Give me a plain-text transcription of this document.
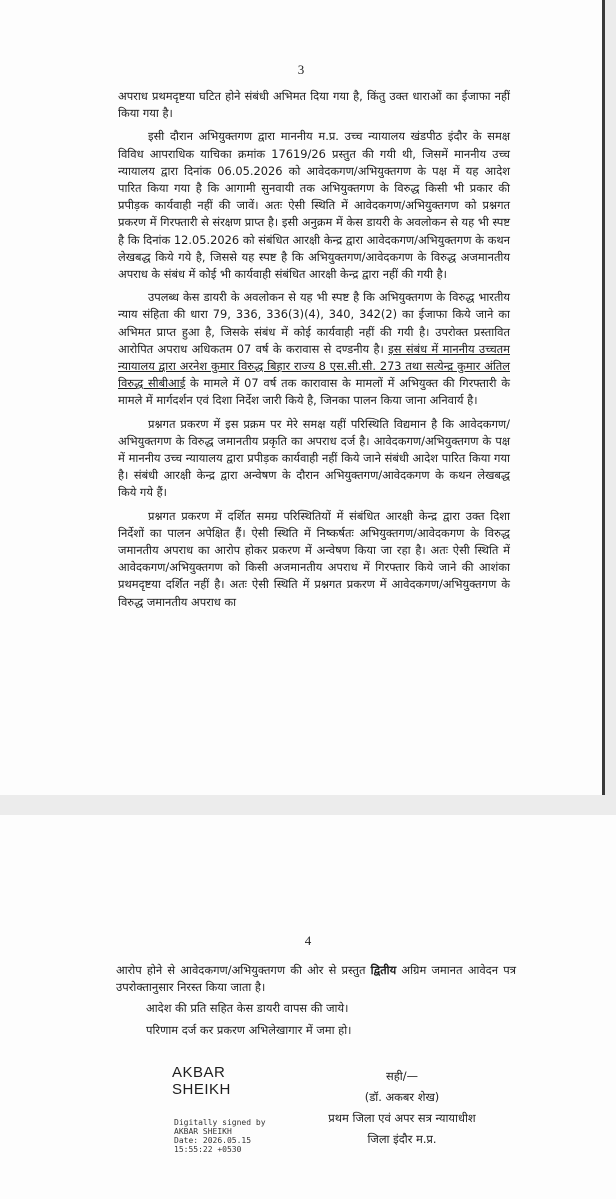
3

अपराध प्रथमदृष्टया घटित होने संबंधी अभिमत दिया गया है, किंतु उक्त धाराओं का ईजाफा नहीं किया गया है।

इसी दौरान अभियुक्तगण द्वारा माननीय म.प्र. उच्च न्यायालय खंडपीठ इंदौर के समक्ष विविध आपराधिक याचिका क्रमांक 17619/26 प्रस्तुत की गयी थी, जिसमें माननीय उच्च न्यायालय द्वारा दिनांक 06.05.2026 को आवेदकगण/अभियुक्तगण के पक्ष में यह आदेश पारित किया गया है कि आगामी सुनवायी तक अभियुक्तगण के विरुद्ध किसी भी प्रकार की प्रपीड़क कार्यवाही नहीं की जावें। अतः ऐसी स्थिति में आवेदकगण/अभियुक्तगण को प्रश्नगत प्रकरण में गिरफ्तारी से संरक्षण प्राप्त है। इसी अनुक्रम में केस डायरी के अवलोकन से यह भी स्पष्ट है कि दिनांक 12.05.2026 को संबंधित आरक्षी केन्द्र द्वारा आवेदकगण/अभियुक्तगण के कथन लेखबद्ध किये गये है, जिससे यह स्पष्ट है कि अभियुक्तगण/आवेदकगण के विरुद्ध अजमानतीय अपराध के संबंध में कोई भी कार्यवाही संबंधित आरक्षी केन्द्र द्वारा नहीं की गयी है।

उपलब्ध केस डायरी के अवलोकन से यह भी स्पष्ट है कि अभियुक्तगण के विरुद्ध भारतीय न्याय संहिता की धारा 79, 336, 336(3)(4), 340, 342(2) का ईजाफा किये जाने का अभिमत प्राप्त हुआ है, जिसके संबंध में कोई कार्यवाही नहीं की गयी है। उपरोक्त प्रस्तावित आरोपित अपराध अधिकतम 07 वर्ष के करावास से दण्डनीय है। इस संबंध में माननीय उच्चतम न्यायालय द्वारा अरनेश कुमार विरुद्ध बिहार राज्य 8 एस.सी.सी. 273 तथा सत्येन्द्र कुमार अंतिल विरुद्ध सीबीआई के मामले में 07 वर्ष तक कारावास के मामलों में अभियुक्त की गिरफ्तारी के मामले में मार्गदर्शन एवं दिशा निर्देश जारी किये है, जिनका पालन किया जाना अनिवार्य है।

प्रश्नगत प्रकरण में इस प्रक्रम पर मेरे समक्ष यहीं परिस्थिति विद्यमान है कि आवेदकगण/अभियुक्तगण के विरुद्ध जमानतीय प्रकृति का अपराध दर्ज है। आवेदकगण/अभियुक्तगण के पक्ष में माननीय उच्च न्यायालय द्वारा प्रपीड़क कार्यवाही नहीं किये जाने संबंधी आदेश पारित किया गया है। संबंधी आरक्षी केन्द्र द्वारा अन्वेषण के दौरान अभियुक्तगण/आवेदकगण के कथन लेखबद्ध किये गये हैं।

प्रश्नगत प्रकरण में दर्शित समग्र परिस्थितियों में संबंधित आरक्षी केन्द्र द्वारा उक्त दिशा निर्देशों का पालन अपेक्षित हैं। ऐसी स्थिति में निष्कर्षतः अभियुक्तगण/आवेदकगण के विरुद्ध जमानतीय अपराध का आरोप होकर प्रकरण में अन्वेषण किया जा रहा है। अतः ऐसी स्थिति में आवेदकगण/अभियुक्तगण को किसी अजमानतीय अपराध में गिरफ्तार किये जाने की आशंका प्रथमदृष्टया दर्शित नहीं है। अतः ऐसी स्थिति में प्रश्नगत प्रकरण में आवेदकगण/अभियुक्तगण के विरुद्ध जमानतीय अपराध का

4

आरोप होने से आवेदकगण/अभियुक्तगण की ओर से प्रस्तुत द्वितीय अग्रिम जमानत आवेदन पत्र उपरोक्तानुसार निरस्त किया जाता है।

आदेश की प्रति सहित केस डायरी वापस की जाये।

परिणाम दर्ज कर प्रकरण अभिलेखागार में जमा हो।

AKBAR
SHEIKH
Digitally signed by
AKBAR SHEIKH
Date: 2026.05.15
15:55:22 +0530
सही/—
(डॉ. अकबर शेख)
प्रथम जिला एवं अपर सत्र न्यायाधीश
जिला इंदौर म.प्र.
